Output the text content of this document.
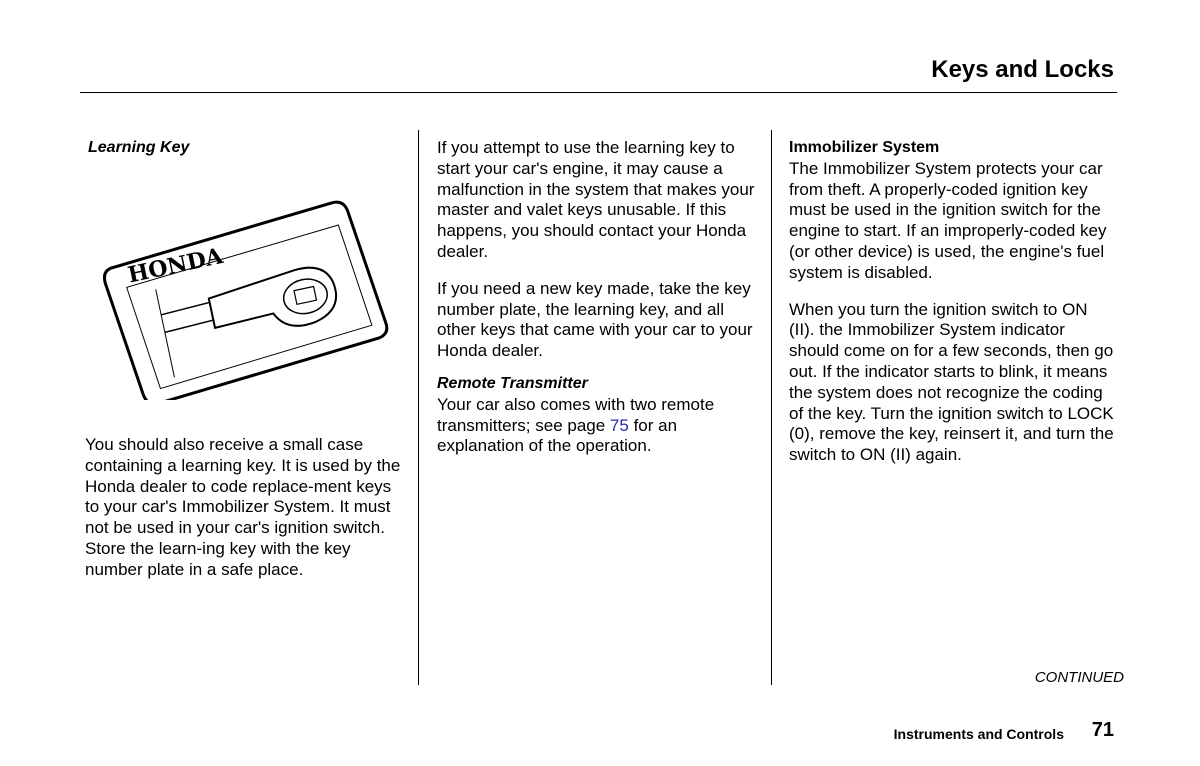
Keys and Locks

Learning Key

HONDA

You should also receive a small case containing a learning key. It is used by the Honda dealer to code replace-ment keys to your car's Immobilizer System. It must not be used in your car's ignition switch. Store the learn-ing key with the key number plate in a safe place.

If you attempt to use the learning key to start your car's engine, it may cause a malfunction in the system that makes your master and valet keys unusable. If this happens, you should contact your Honda dealer.

If you need a new key made, take the key number plate, the learning key, and all other keys that came with your car to your Honda dealer.

Remote Transmitter

Your car also comes with two remote transmitters; see page 75 for an explanation of the operation.

Immobilizer System

The Immobilizer System protects your car from theft. A properly-coded ignition key must be used in the ignition switch for the engine to start. If an improperly-coded key (or other device) is used, the engine's fuel system is disabled.

When you turn the ignition switch to ON (II). the Immobilizer System indicator should come on for a few seconds, then go out. If the indicator starts to blink, it means the system does not recognize the coding of the key. Turn the ignition switch to LOCK (0), remove the key, reinsert it, and turn the switch to ON (II) again.

CONTINUED
Instruments and Controls 71
